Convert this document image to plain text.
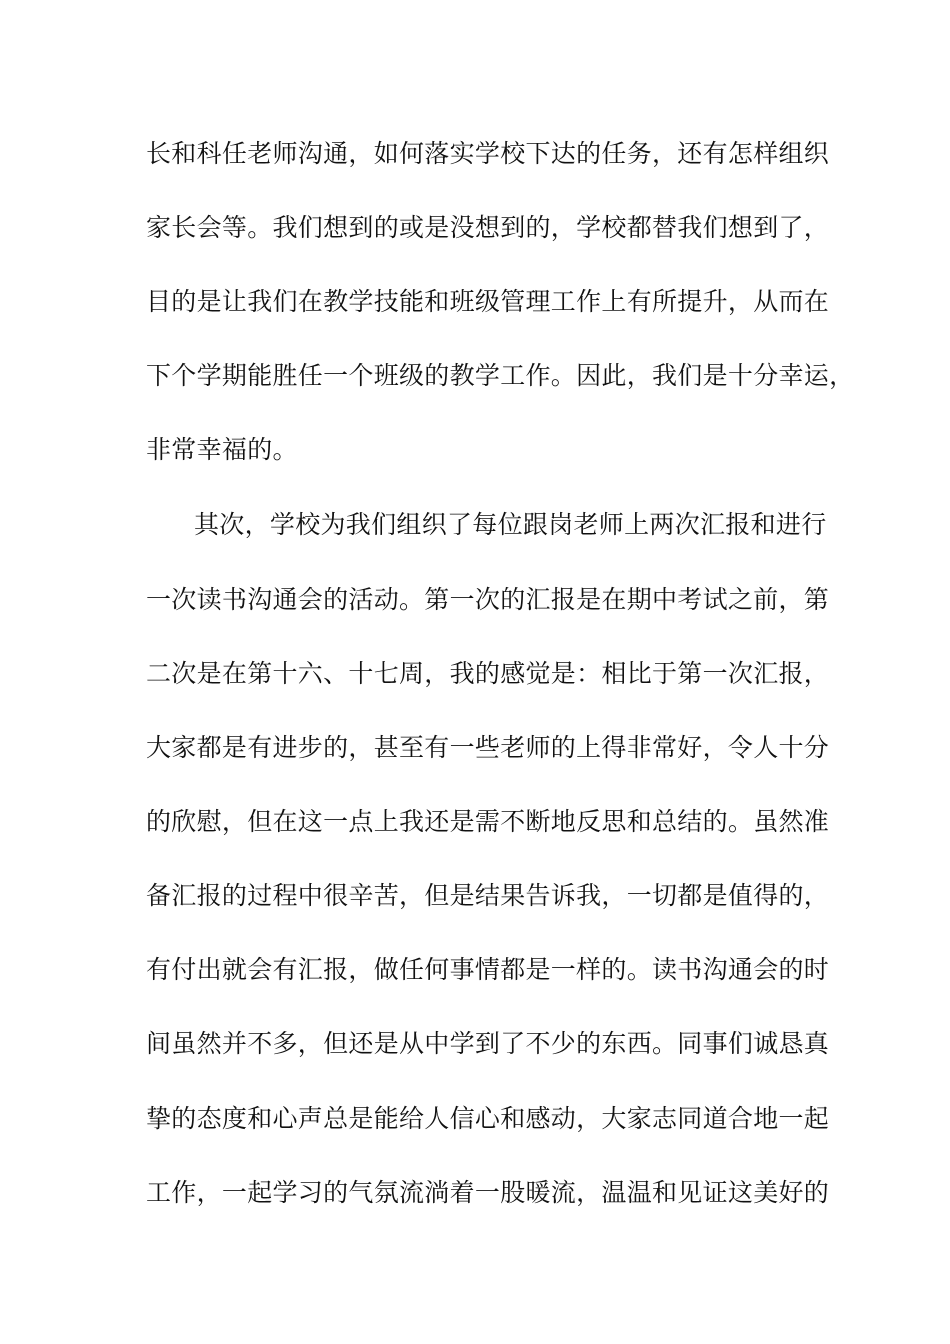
长和科任老师沟通，如何落实学校下达的任务，还有怎样组织
家长会等。我们想到的或是没想到的，学校都替我们想到了，
目的是让我们在教学技能和班级管理工作上有所提升，从而在
下个学期能胜任一个班级的教学工作。因此，我们是十分幸运，
非常幸福的。
其次，学校为我们组织了每位跟岗老师上两次汇报和进行
一次读书沟通会的活动。第一次的汇报是在期中考试之前，第
二次是在第十六、十七周，我的感觉是：相比于第一次汇报，
大家都是有进步的，甚至有一些老师的上得非常好，令人十分
的欣慰，但在这一点上我还是需不断地反思和总结的。虽然准
备汇报的过程中很辛苦，但是结果告诉我，一切都是值得的，
有付出就会有汇报，做任何事情都是一样的。读书沟通会的时
间虽然并不多，但还是从中学到了不少的东西。同事们诚恳真
挚的态度和心声总是能给人信心和感动，大家志同道合地一起
工作，一起学习的气氛流淌着一股暖流，温温和见证这美好的
